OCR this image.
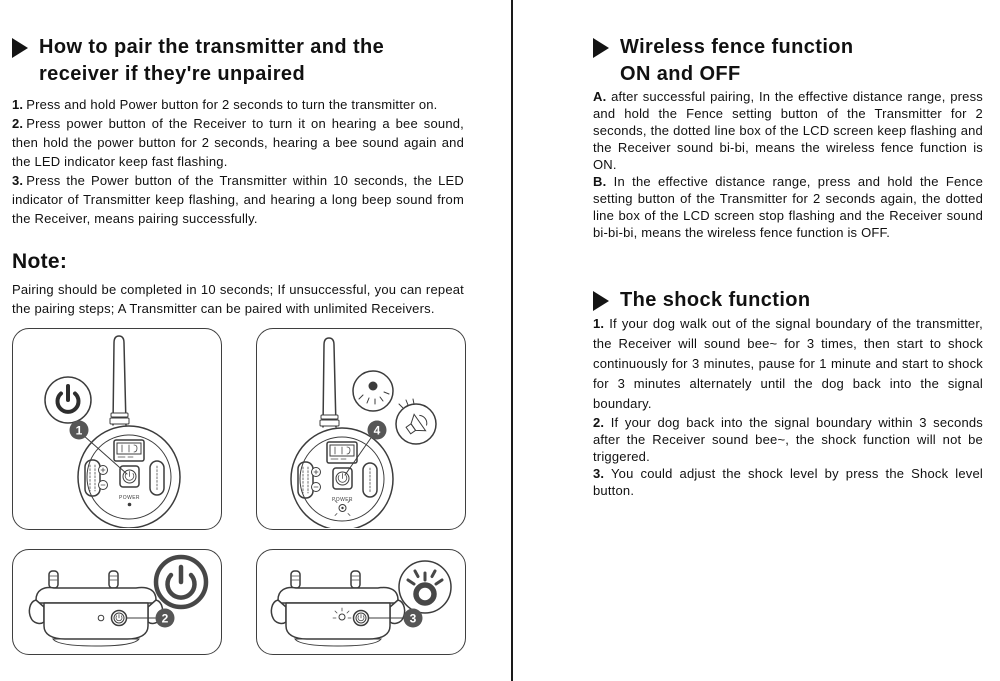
How to pair the transmitter and the
receiver if they're unpaired

1. Press and hold Power button for 2 seconds to turn the transmitter on.

2. Press power button of the Receiver to turn it on hearing a bee sound, then hold the power button for 2 seconds, hearing a bee sound again and the LED indicator keep fast flashing.

3. Press the Power button of the Transmitter within 10 seconds, the LED indicator of Transmitter keep flashing, and hearing a long beep sound from the Receiver, means pairing successfully.

Note:

Pairing should be completed in 10 seconds; If unsuccessful, you can repeat the pairing steps; A Transmitter can be paired with unlimited Receivers.

POWER
1
POWER
4
2	3
Wireless fence function
ON and OFF

A. after successful pairing, In the effective distance range, press and hold the Fence setting button of the Transmitter for 2 seconds, the dotted line box of the LCD screen keep flashing and the Receiver sound bi-bi, means the wireless fence function is ON.

B. In the effective distance range, press and hold the Fence setting button of the Transmitter for 2 seconds again, the dotted line box of the LCD screen stop flashing and the Receiver sound bi-bi-bi, means the wireless fence function is OFF.

The shock function

1. If your dog walk out of the signal boundary of the transmitter, the Receiver will sound bee~ for 3 times, then start to shock continuously for 3 minutes, pause for 1 minute and start to shock for 3 minutes alternately until the dog back into the signal boundary.

2. If your dog back into the signal boundary within 3 seconds after the Receiver sound bee~, the shock function will not be triggered.

3. You could adjust the shock level by press the Shock level button.
